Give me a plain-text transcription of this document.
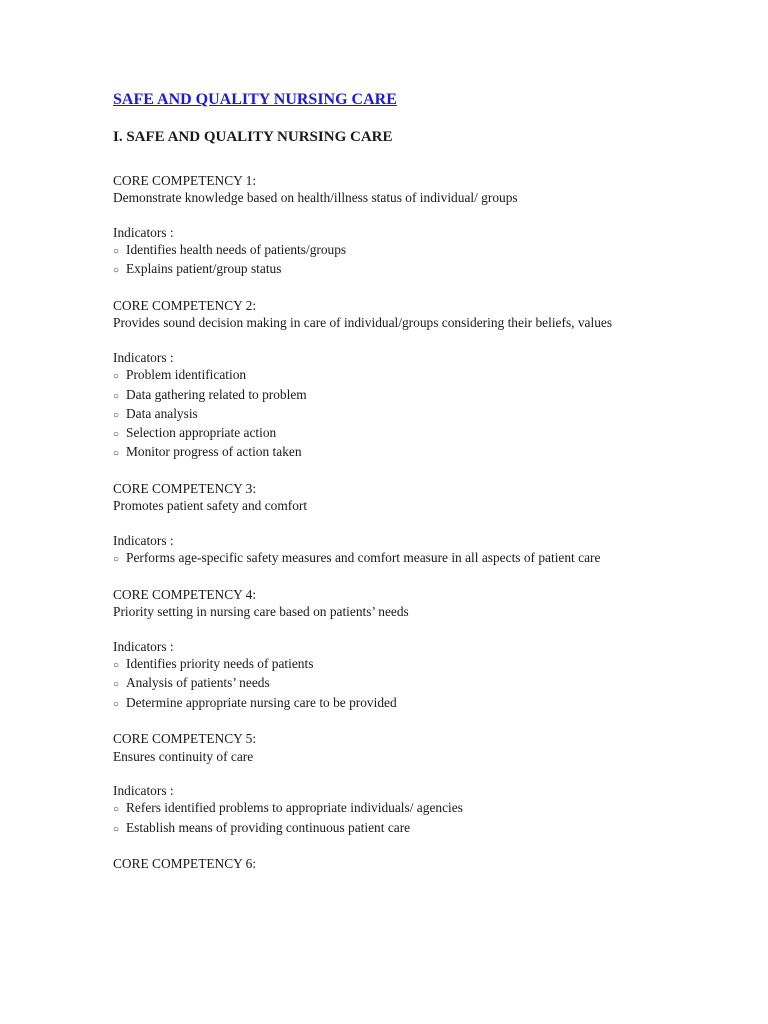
SAFE AND QUALITY NURSING CARE
I. SAFE AND QUALITY NURSING CARE
CORE COMPETENCY 1:
Demonstrate knowledge based on health/illness status of individual/ groups
Indicators :
○ Identifies health needs of patients/groups
○ Explains patient/group status
CORE COMPETENCY 2:
Provides sound decision making in care of individual/groups considering their beliefs, values
Indicators :
○ Problem identification
○ Data gathering related to problem
○ Data analysis
○ Selection appropriate action
○ Monitor progress of action taken
CORE COMPETENCY 3:
Promotes patient safety and comfort
Indicators :
○ Performs age-specific safety measures and comfort measure in all aspects of patient care
CORE COMPETENCY 4:
Priority setting in nursing care based on patients’ needs
Indicators :
○ Identifies priority needs of patients
○ Analysis of patients’ needs
○ Determine appropriate nursing care to be provided
CORE COMPETENCY 5:
Ensures continuity of care
Indicators :
○ Refers identified problems to appropriate individuals/ agencies
○ Establish means of providing continuous patient care
CORE COMPETENCY 6:
